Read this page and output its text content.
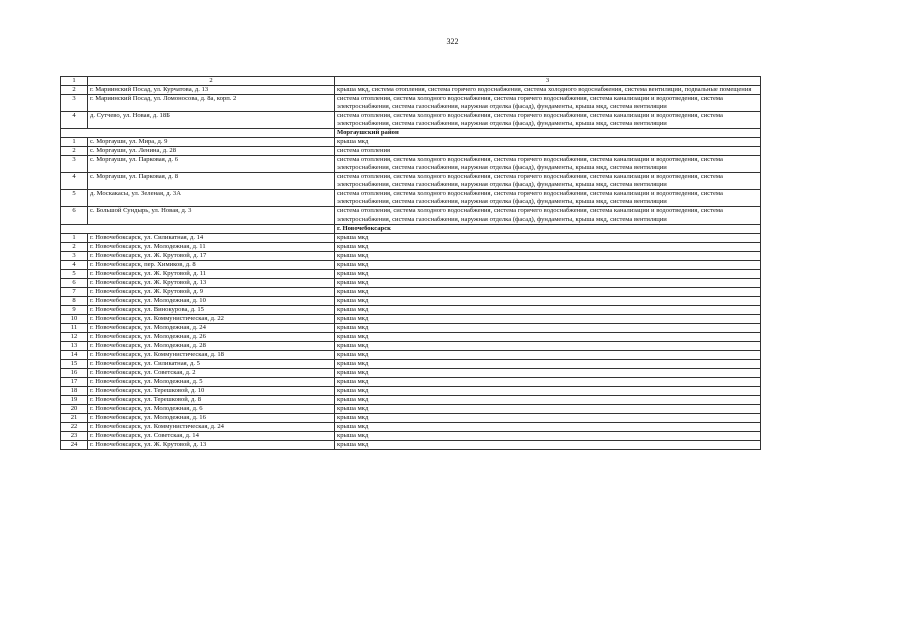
322
1	2	3
2	г. Мариинский Посад, ул. Курчатова, д. 13	крыша мкд, система отопления, система горячего водоснабжения, система холодного водоснабжения, система вентиляции, подвальные помещения
3	г. Мариинский Посад, ул. Ломоносова, д. 8а, корп. 2	система отопления, система холодного водоснабжения, система горячего водоснабжения, система канализации и водоотведения, система электроснабжения, система газоснабжения, наружная отделка (фасад), фундаменты, крыша мкд, система вентиляции
4	д. Сутчево, ул. Новая, д. 18Б	система отопления, система холодного водоснабжения, система горячего водоснабжения, система канализации и водоотведения, система электроснабжения, система газоснабжения, наружная отделка (фасад), фундаменты, крыша мкд, система вентиляции
		Моргаушский район
1	с. Моргауши, ул. Мира, д. 9	крыша мкд
2	с. Моргауши, ул. Ленина, д. 28	система отопления
3	с. Моргауши, ул. Парковая, д. 6	система отопления, система холодного водоснабжения, система горячего водоснабжения, система канализации и водоотведения, система электроснабжения, система газоснабжения, наружная отделка (фасад), фундаменты, крыша мкд, система вентиляции
4	с. Моргауши, ул. Парковая, д. 8	система отопления, система холодного водоснабжения, система горячего водоснабжения, система канализации и водоотведения, система электроснабжения, система газоснабжения, наружная отделка (фасад), фундаменты, крыша мкд, система вентиляции
5	д. Москакасы, ул. Зеленая, д. 3А	система отопления, система холодного водоснабжения, система горячего водоснабжения, система канализации и водоотведения, система электроснабжения, система газоснабжения, наружная отделка (фасад), фундаменты, крыша мкд, система вентиляции
6	с. Большой Сундырь, ул. Новая, д. 3	система отопления, система холодного водоснабжения, система горячего водоснабжения, система канализации и водоотведения, система электроснабжения, система газоснабжения, наружная отделка (фасад), фундаменты, крыша мкд, система вентиляции
		г. Новочебоксарск
1	г. Новочебоксарск, ул. Силикатная, д. 14	крыша мкд
2	г. Новочебоксарск, ул. Молодежная, д. 11	крыша мкд
3	г. Новочебоксарск, ул. Ж. Крутовой, д. 17	крыша мкд
4	г. Новочебоксарск, пер. Химиков, д. 8	крыша мкд
5	г. Новочебоксарск, ул. Ж. Крутовой, д. 11	крыша мкд
6	г. Новочебоксарск, ул. Ж. Крутовой, д. 13	крыша мкд
7	г. Новочебоксарск, ул. Ж. Крутовой, д. 9	крыша мкд
8	г. Новочебоксарск, ул. Молодежная, д. 10	крыша мкд
9	г. Новочебоксарск, ул. Винокурова, д. 15	крыша мкд
10	г. Новочебоксарск, ул. Коммунистическая, д. 22	крыша мкд
11	г. Новочебоксарск, ул. Молодежная, д. 24	крыша мкд
12	г. Новочебоксарск, ул. Молодежная, д. 26	крыша мкд
13	г. Новочебоксарск, ул. Молодежная, д. 28	крыша мкд
14	г. Новочебоксарск, ул. Коммунистическая, д. 18	крыша мкд
15	г. Новочебоксарск, ул. Силикатная, д. 5	крыша мкд
16	г. Новочебоксарск, ул. Советская, д. 2	крыша мкд
17	г. Новочебоксарск, ул. Молодежная, д. 5	крыша мкд
18	г. Новочебоксарск, ул. Терешковой, д. 10	крыша мкд
19	г. Новочебоксарск, ул. Терешковой, д. 8	крыша мкд
20	г. Новочебоксарск, ул. Молодежная, д. 6	крыша мкд
21	г. Новочебоксарск, ул. Молодежная, д. 16	крыша мкд
22	г. Новочебоксарск, ул. Коммунистическая, д. 24	крыша мкд
23	г. Новочебоксарск, ул. Советская, д. 14	крыша мкд
24	г. Новочебоксарск, ул. Ж. Крутовой, д. 13	крыша мкд
